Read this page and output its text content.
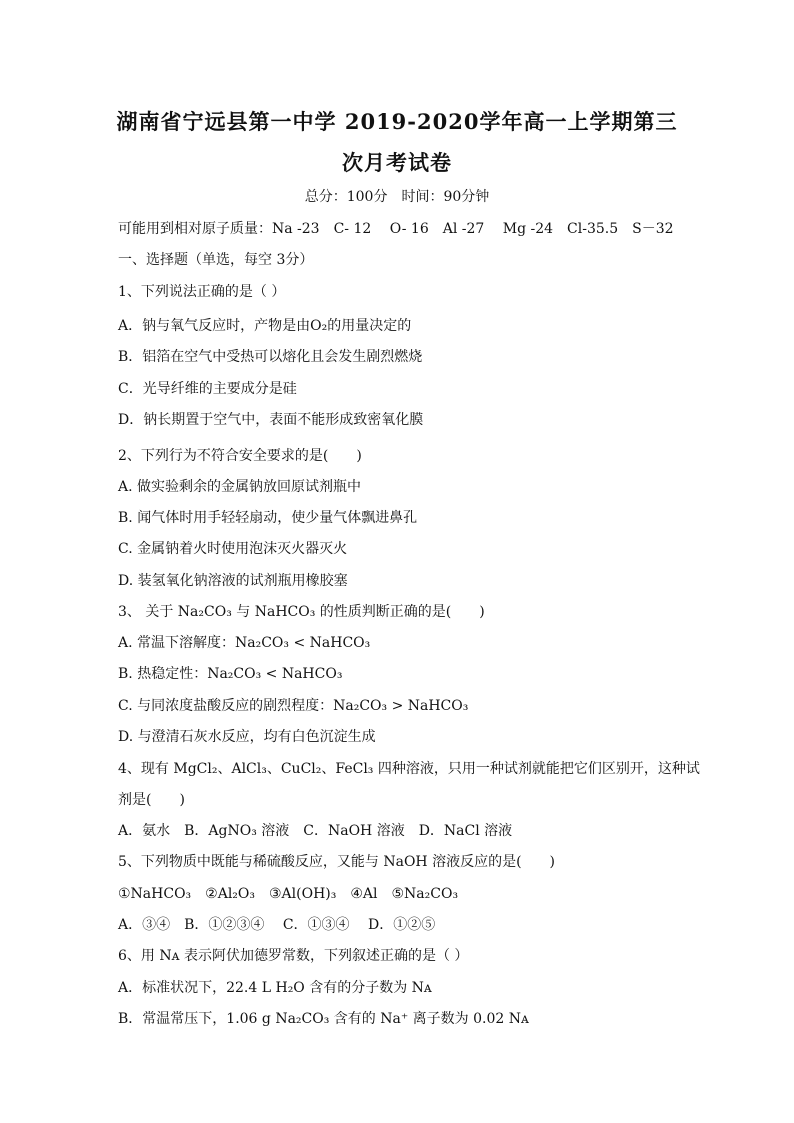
湖南省宁远县第一中学 2019-2020学年高一上学期第三
次月考试卷
总分：100分　时间：90分钟
可能用到相对原子质量：Na -23　C- 12　 O- 16　Al -27　 Mg -24　Cl-35.5　S－32
一、选择题（单选，每空 3分）
1、下列说法正确的是（ ）
A．钠与氧气反应时，产物是由O₂的用量决定的
B．铝箔在空气中受热可以熔化且会发生剧烈燃烧
C．光导纤维的主要成分是硅
D．钠长期置于空气中，表面不能形成致密氧化膜
2、下列行为不符合安全要求的是(　　)
A. 做实验剩余的金属钠放回原试剂瓶中
B. 闻气体时用手轻轻扇动，使少量气体飘进鼻孔
C. 金属钠着火时使用泡沫灭火器灭火
D. 装氢氧化钠溶液的试剂瓶用橡胶塞
3、 关于 Na₂CO₃ 与 NaHCO₃ 的性质判断正确的是(　　)
A. 常温下溶解度：Na₂CO₃ < NaHCO₃
B. 热稳定性：Na₂CO₃ < NaHCO₃
C. 与同浓度盐酸反应的剧烈程度：Na₂CO₃ > NaHCO₃
D. 与澄清石灰水反应，均有白色沉淀生成
4、现有 MgCl₂、AlCl₃、CuCl₂、FeCl₃ 四种溶液，只用一种试剂就能把它们区别开，这种试
剂是(　　)
A．氨水　B．AgNO₃ 溶液　C．NaOH 溶液　D．NaCl 溶液
5、下列物质中既能与稀硫酸反应，又能与 NaOH 溶液反应的是(　　)
①NaHCO₃　②Al₂O₃　③Al(OH)₃　④Al　⑤Na₂CO₃
A．③④　B．①②③④　 C．①③④　 D．①②⑤
6、用 Nᴀ 表示阿伏加德罗常数，下列叙述正确的是（ ）
A．标准状况下，22.4 L H₂O 含有的分子数为 Nᴀ
B．常温常压下，1.06 g Na₂CO₃ 含有的 Na⁺ 离子数为 0.02 Nᴀ
